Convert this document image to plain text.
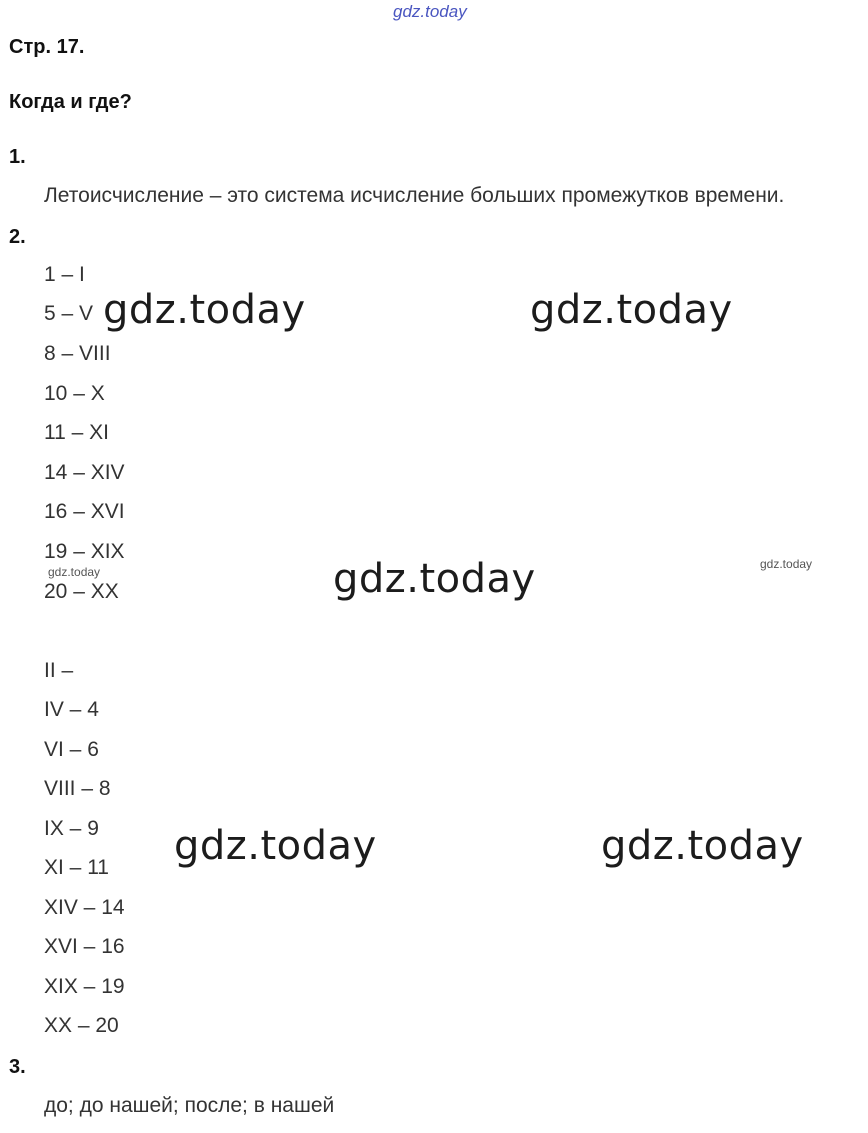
gdz.today
Стр. 17.
Когда и где?
1.
Летоисчисление – это система исчисление больших промежутков времени.
2.
1 – I
5 – V
8 – VIII
10 – X
11 – XI
14 – XIV
16 – XVI
19 – XIX
20 – XX
II –
IV – 4
VI – 6
VIII – 8
IX – 9
XI – 11
XIV – 14
XVI – 16
XIX – 19
XX – 20
3.
до; до нашей; после; в нашей
gdz.today	gdz.today
gdz.today
gdz.today	gdz.today
gdz.today
gdz.today
